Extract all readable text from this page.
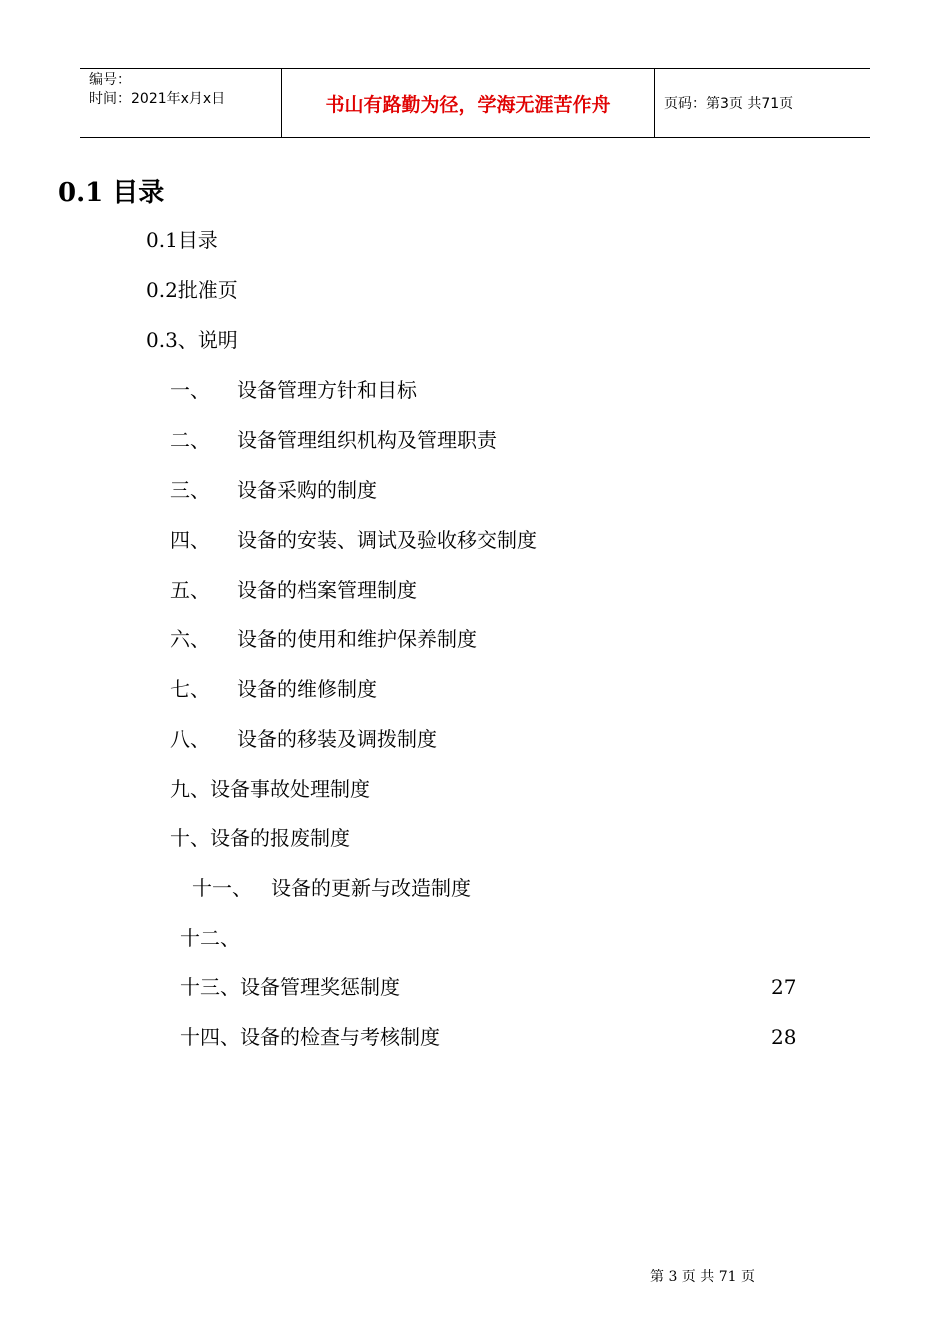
编号：
时间：2021年x月x日	书山有路勤为径，学海无涯苦作舟	页码：第3页 共71页
0.1 目录
0.1目录
0.2批准页
0.3、说明
一、 设备管理方针和目标
二、 设备管理组织机构及管理职责
三、 设备采购的制度
四、 设备的安装、调试及验收移交制度
五、 设备的档案管理制度
六、 设备的使用和维护保养制度
七、 设备的维修制度
八、 设备的移装及调拨制度
九、设备事故处理制度
十、设备的报废制度
十一、 设备的更新与改造制度
十二、
十三、设备管理奖惩制度	27
十四、设备的检查与考核制度	28
第 3 页 共 71 页
